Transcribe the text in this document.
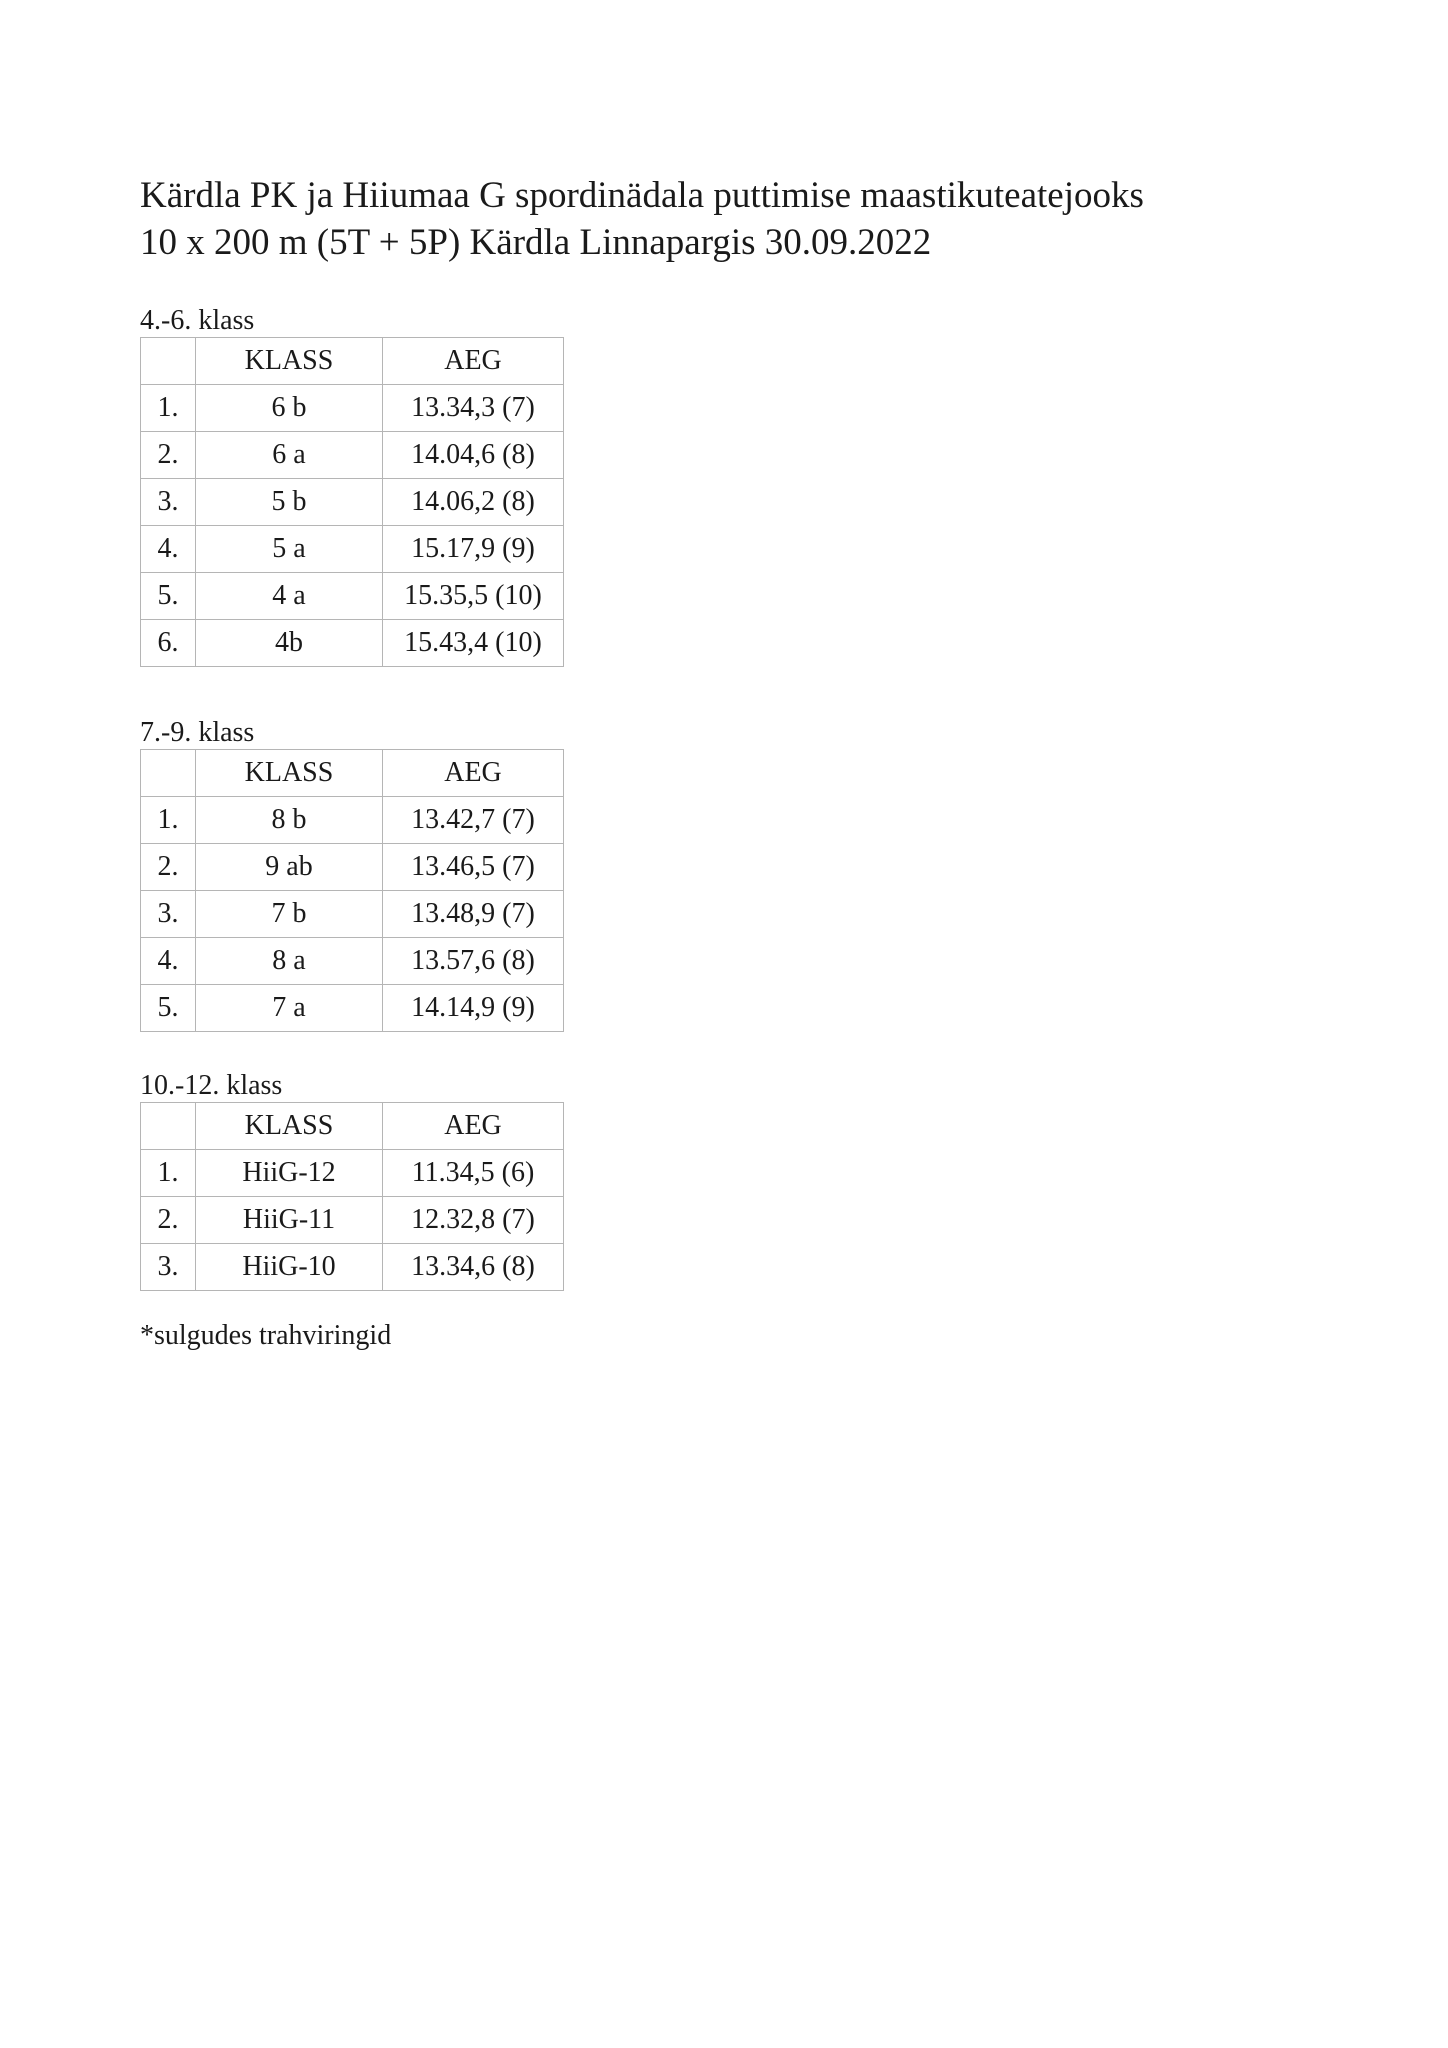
Kärdla PK ja Hiiumaa G spordinädala puttimise maastikuteatejooks
10 x 200 m (5T + 5P) Kärdla Linnapargis 30.09.2022

4.-6. klass

	KLASS	AEG
1.	6 b	13.34,3 (7)
2.	6 a	14.04,6 (8)
3.	5 b	14.06,2 (8)
4.	5 a	15.17,9 (9)
5.	4 a	15.35,5 (10)
6.	4b	15.43,4 (10)

7.-9. klass

	KLASS	AEG
1.	8 b	13.42,7 (7)
2.	9 ab	13.46,5 (7)
3.	7 b	13.48,9 (7)
4.	8 a	13.57,6 (8)
5.	7 a	14.14,9 (9)

10.-12. klass

	KLASS	AEG
1.	HiiG-12	11.34,5 (6)
2.	HiiG-11	12.32,8 (7)
3.	HiiG-10	13.34,6 (8)

*sulgudes trahviringid
